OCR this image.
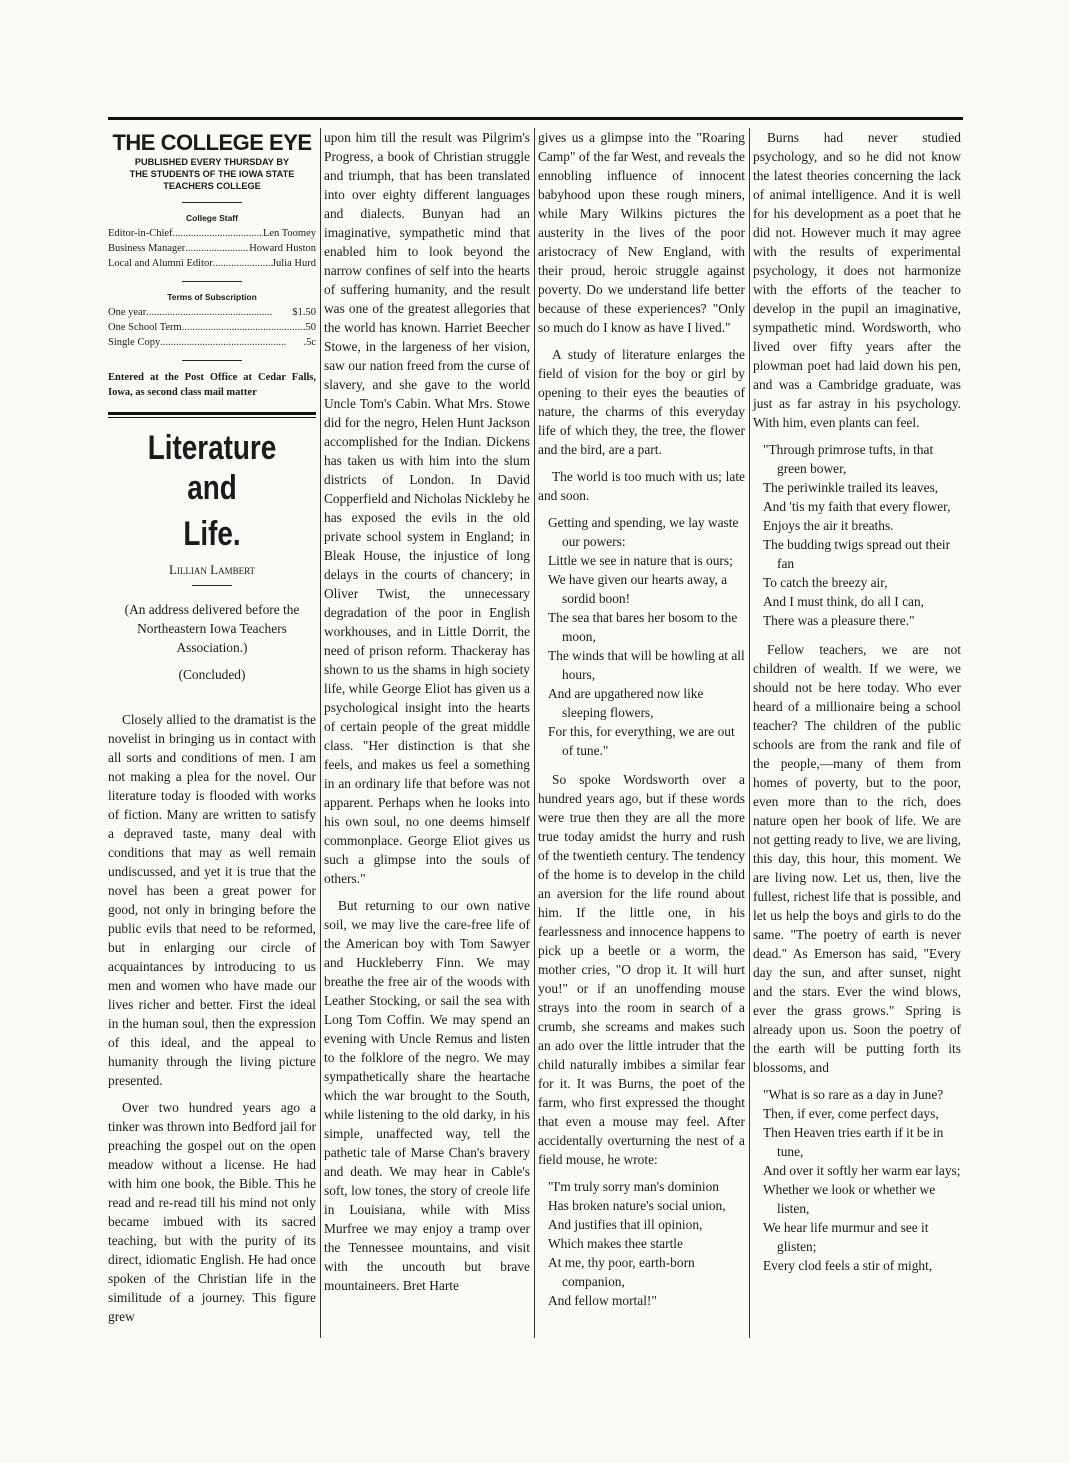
THE COLLEGE EYE
PUBLISHED EVERY THURSDAY BY
THE STUDENTS OF THE IOWA STATE
TEACHERS COLLEGE
College Staff
Editor-in-Chief .....	Len Toomey
Business Manager .....	Howard Huston
Local and Alumni Editor .....	Julia Hurd
Terms of Subscription
One year .....	$1.50
One School Term .....	.50
Single Copy .....	.5c
Entered at the Post Office at Cedar Falls, Iowa, as second class mail matter
Literature and
Life.
Lillian Lambert
(An address delivered before the Northeastern Iowa Teachers Association.)
(Concluded)

Closely allied to the dramatist is the novelist in bringing us in contact with all sorts and conditions of men. I am not making a plea for the novel. Our literature today is flooded with works of fiction. Many are written to satisfy a depraved taste, many deal with conditions that may as well remain undiscussed, and yet it is true that the novel has been a great power for good, not only in bringing before the public evils that need to be reformed, but in enlarging our circle of acquaintances by introducing to us men and women who have made our lives richer and better. First the ideal in the human soul, then the expression of this ideal, and the appeal to humanity through the living picture presented.

Over two hundred years ago a tinker was thrown into Bedford jail for preaching the gospel out on the open meadow without a license. He had with him one book, the Bible. This he read and re-read till his mind not only became imbued with its sacred teaching, but with the purity of its direct, idiomatic English. He had once spoken of the Christian life in the similitude of a journey. This figure grew

upon him till the result was Pilgrim's Progress, a book of Christian struggle and triumph, that has been translated into over eighty different languages and dialects. Bunyan had an imaginative, sympathetic mind that enabled him to look beyond the narrow confines of self into the hearts of suffering humanity, and the result was one of the greatest allegories that the world has known. Harriet Beecher Stowe, in the largeness of her vision, saw our nation freed from the curse of slavery, and she gave to the world Uncle Tom's Cabin. What Mrs. Stowe did for the negro, Helen Hunt Jackson accomplished for the Indian. Dickens has taken us with him into the slum districts of London. In David Copperfield and Nicholas Nickleby he has exposed the evils in the old private school system in England; in Bleak House, the injustice of long delays in the courts of chancery; in Oliver Twist, the unnecessary degradation of the poor in English workhouses, and in Little Dorrit, the need of prison reform. Thackeray has shown to us the shams in high society life, while George Eliot has given us a psychological insight into the hearts of certain people of the great middle class. "Her distinction is that she feels, and makes us feel a something in an ordinary life that before was not apparent. Perhaps when he looks into his own soul, no one deems himself commonplace. George Eliot gives us such a glimpse into the souls of others."

But returning to our own native soil, we may live the care-free life of the American boy with Tom Sawyer and Huckleberry Finn. We may breathe the free air of the woods with Leather Stocking, or sail the sea with Long Tom Coffin. We may spend an evening with Uncle Remus and listen to the folklore of the negro. We may sympathetically share the heartache which the war brought to the South, while listening to the old darky, in his simple, unaffected way, tell the pathetic tale of Marse Chan's bravery and death. We may hear in Cable's soft, low tones, the story of creole life in Louisiana, while with Miss Murfree we may enjoy a tramp over the Tennessee mountains, and visit with the uncouth but brave mountaineers. Bret Harte

gives us a glimpse into the "Roaring Camp" of the far West, and reveals the ennobling influence of innocent babyhood upon these rough miners, while Mary Wilkins pictures the austerity in the lives of the poor aristocracy of New England, with their proud, heroic struggle against poverty. Do we understand life better because of these experiences? "Only so much do I know as have I lived."

A study of literature enlarges the field of vision for the boy or girl by opening to their eyes the beauties of nature, the charms of this everyday life of which they, the tree, the flower and the bird, are a part.

The world is too much with us; late and soon.

Getting and spending, we lay waste our powers:
Little we see in nature that is ours;
We have given our hearts away, a sordid boon!
The sea that bares her bosom to the moon,
The winds that will be howling at all hours,
And are upgathered now like sleeping flowers,
For this, for everything, we are out of tune."

So spoke Wordsworth over a hundred years ago, but if these words were true then they are all the more true today amidst the hurry and rush of the twentieth century. The tendency of the home is to develop in the child an aversion for the life round about him. If the little one, in his fearlessness and innocence happens to pick up a beetle or a worm, the mother cries, "O drop it. It will hurt you!" or if an unoffending mouse strays into the room in search of a crumb, she screams and makes such an ado over the little intruder that the child naturally imbibes a similar fear for it. It was Burns, the poet of the farm, who first expressed the thought that even a mouse may feel. After accidentally overturning the nest of a field mouse, he wrote:

"I'm truly sorry man's dominion
Has broken nature's social union,
And justifies that ill opinion,
Which makes thee startle
At me, thy poor, earth-born companion,
And fellow mortal!"

Burns had never studied psychology, and so he did not know the latest theories concerning the lack of animal intelligence. And it is well for his development as a poet that he did not. However much it may agree with the results of experimental psychology, it does not harmonize with the efforts of the teacher to develop in the pupil an imaginative, sympathetic mind. Wordsworth, who lived over fifty years after the plowman poet had laid down his pen, and was a Cambridge graduate, was just as far astray in his psychology. With him, even plants can feel.

"Through primrose tufts, in that green bower,
The periwinkle trailed its leaves,
And 'tis my faith that every flower,
Enjoys the air it breaths.
The budding twigs spread out their fan
To catch the breezy air,
And I must think, do all I can,
There was a pleasure there."

Fellow teachers, we are not children of wealth. If we were, we should not be here today. Who ever heard of a millionaire being a school teacher? The children of the public schools are from the rank and file of the people,—many of them from homes of poverty, but to the poor, even more than to the rich, does nature open her book of life. We are not getting ready to live, we are living, this day, this hour, this moment. We are living now. Let us, then, live the fullest, richest life that is possible, and let us help the boys and girls to do the same. "The poetry of earth is never dead." As Emerson has said, "Every day the sun, and after sunset, night and the stars. Ever the wind blows, ever the grass grows." Spring is already upon us. Soon the poetry of the earth will be putting forth its blossoms, and

"What is so rare as a day in June?
Then, if ever, come perfect days,
Then Heaven tries earth if it be in tune,
And over it softly her warm ear lays;
Whether we look or whether we listen,
We hear life murmur and see it glisten;
Every clod feels a stir of might,
